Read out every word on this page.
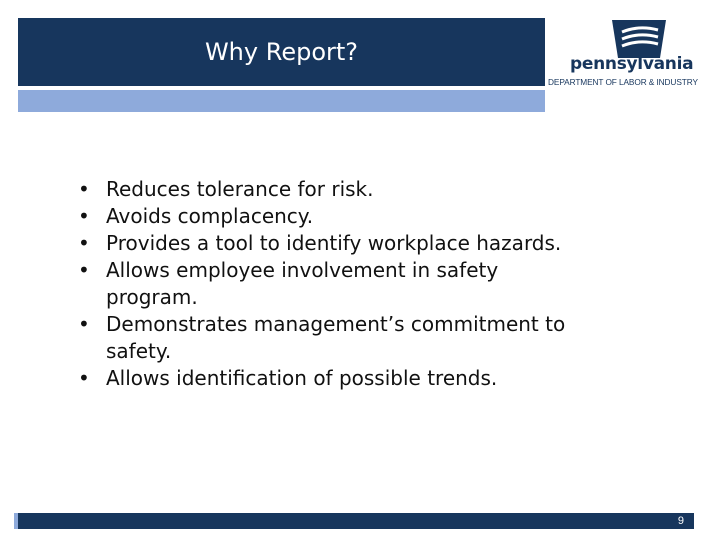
Why Report?	pennsylvania
DEPARTMENT OF LABOR & INDUSTRY
• Reduces tolerance for risk.
• Avoids complacency.
• Provides a tool to identify workplace hazards.
• Allows employee involvement in safety program.
• Demonstrates management’s commitment to safety.
• Allows identification of possible trends.
9
